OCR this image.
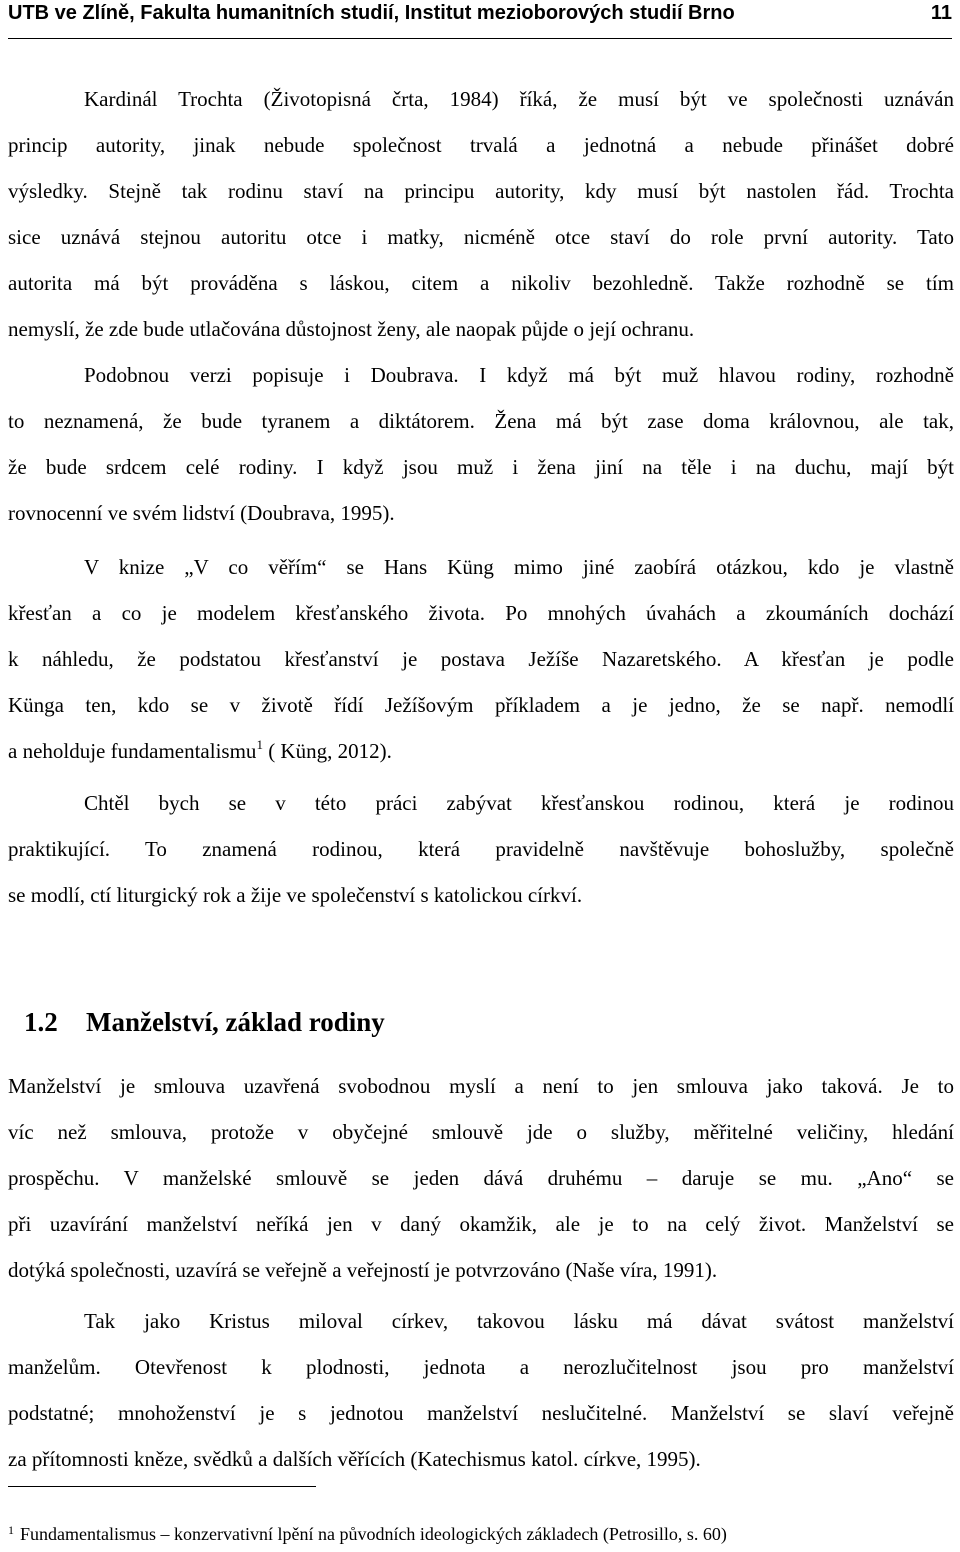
UTB ve Zlíně, Fakulta humanitních studií, Institut mezioborových studií Brno	11
Kardinál Trochta (Životopisná črta, 1984) říká, že musí být ve společnosti uznáván
princip autority, jinak nebude společnost trvalá a jednotná a nebude přinášet dobré
výsledky. Stejně tak rodinu staví na principu autority, kdy musí být nastolen řád. Trochta
sice uznává stejnou autoritu otce i matky, nicméně otce staví do role první autority. Tato
autorita má být prováděna s láskou, citem a nikoliv bezohledně. Takže rozhodně se tím
nemyslí, že zde bude utlačována důstojnost ženy, ale naopak půjde o její ochranu.
Podobnou verzi popisuje i Doubrava. I když má být muž hlavou rodiny, rozhodně
to neznamená, že bude tyranem a diktátorem. Žena má být zase doma královnou, ale tak,
že bude srdcem celé rodiny. I když jsou muž i žena jiní na těle i na duchu, mají být
rovnocenní ve svém lidství (Doubrava, 1995).
V knize „V co věřím“ se Hans Küng mimo jiné zaobírá otázkou, kdo je vlastně
křesťan a co je modelem křesťanského života. Po mnohých úvahách a zkoumáních dochází
k náhledu, že podstatou křesťanství je postava Ježíše Nazaretského. A křesťan je podle
Künga ten, kdo se v životě řídí Ježíšovým příkladem a je jedno, že se např. nemodlí
a neholduje fundamentalismu$^1$ ( Küng, 2012).
Chtěl bych se v této práci zabývat křesťanskou rodinou, která je rodinou
praktikující. To znamená rodinou, která pravidelně navštěvuje bohoslužby, společně
se modlí, ctí liturgický rok a žije ve společenství s katolickou církví.
1.2 Manželství, základ rodiny
Manželství je smlouva uzavřená svobodnou myslí a není to jen smlouva jako taková. Je to
víc než smlouva, protože v obyčejné smlouvě jde o služby, měřitelné veličiny, hledání
prospěchu. V manželské smlouvě se jeden dává druhému – daruje se mu. „Ano“ se
při uzavírání manželství neříká jen v daný okamžik, ale je to na celý život. Manželství se
dotýká společnosti, uzavírá se veřejně a veřejností je potvrzováno (Naše víra, 1991).
Tak jako Kristus miloval církev, takovou lásku má dávat svátost manželství
manželům. Otevřenost k plodnosti, jednota a nerozlučitelnost jsou pro manželství
podstatné; mnohoženství je s jednotou manželství neslučitelné. Manželství se slaví veřejně
za přítomnosti kněze, svědků a dalších věřících (Katechismus katol. církve, 1995).
$^1$ Fundamentalismus – konzervativní lpění na původních ideologických základech (Petrosillo, s. 60)
